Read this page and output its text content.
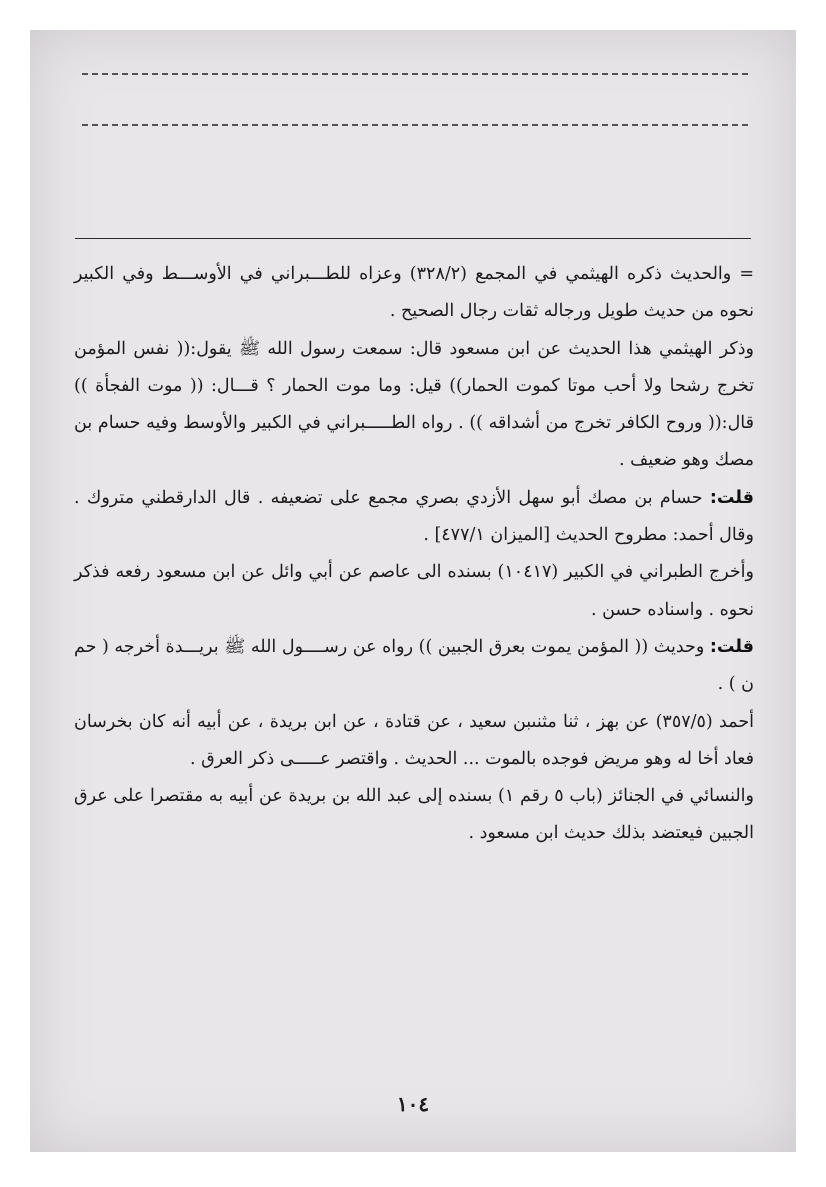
= والحديث ذكره الهيثمي في المجمع (٣٢٨/٢) وعزاه للطـــبراني في الأوســـط وفي الكبير نحوه من حديث طويل ورجاله ثقات رجال الصحيح .

وذكر الهيثمي هذا الحديث عن ابن مسعود قال: سمعت رسول الله ﷺ يقول:(( نفس المؤمن تخرج رشحا ولا أحب موتا كموت الحمار)) قيل: وما موت الحمار ؟ قـــال: (( موت الفجأة )) قال:(( وروح الكافر تخرج من أشداقه )) . رواه الطـــــبراني في الكبير والأوسط وفيه حسام بن مصك وهو ضعيف .

قلت: حسام بن مصك أبو سهل الأزدي بصري مجمع على تضعيفه . قال الدارقطني متروك . وقال أحمد: مطروح الحديث [الميزان ٤٧٧/١] .

وأخرج الطبراني في الكبير (١٠٤١٧) بسنده الى عاصم عن أبي وائل عن ابن مسعود رفعه فذكر نحوه . واسناده حسن .

قلت: وحديث (( المؤمن يموت بعرق الجبين )) رواه عن رســــول الله ﷺ بريـــدة أخرجه ( حم ن ) .

أحمد (٣٥٧/٥) عن بهز ، ثنا مثنىبن سعيد ، عن قتادة ، عن ابن بريدة ، عن أبيه أنه كان بخرسان فعاد أخا له وهو مريض فوجده بالموت ... الحديث . واقتصر عـــــى ذكر العرق .

والنسائي في الجنائز (باب ٥ رقم ١) بسنده إلى عبد الله بن بريدة عن أبيه به مقتصرا على عرق الجبين فيعتضد بذلك حديث ابن مسعود .

١٠٤
